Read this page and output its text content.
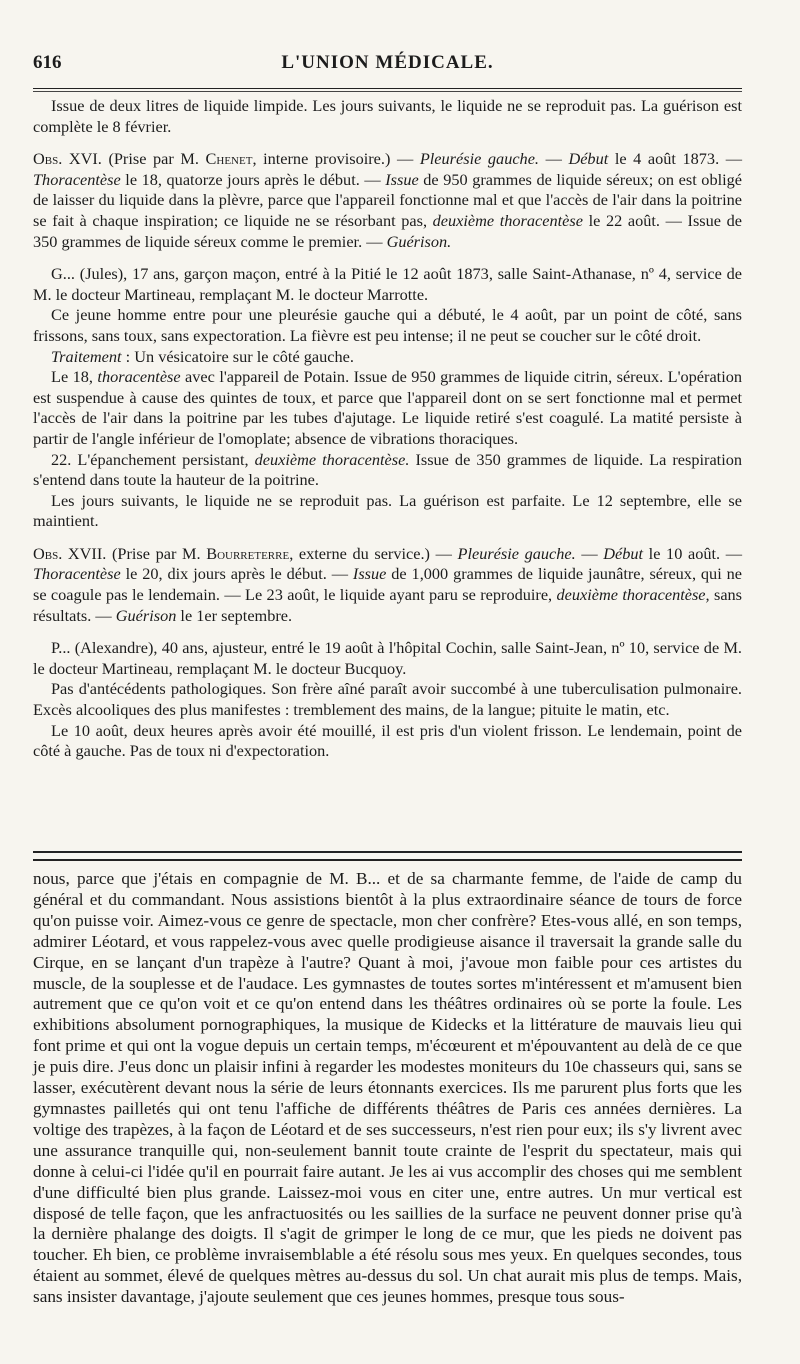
616	L'UNION MÉDICALE.

Issue de deux litres de liquide limpide. Les jours suivants, le liquide ne se reproduit pas. La guérison est complète le 8 février.

Obs. XVI. (Prise par M. Chenet, interne provisoire.) — Pleurésie gauche. — Début le 4 août 1873. — Thoracentèse le 18, quatorze jours après le début. — Issue de 950 grammes de liquide séreux; on est obligé de laisser du liquide dans la plèvre, parce que l'appareil fonctionne mal et que l'accès de l'air dans la poitrine se fait à chaque inspiration; ce liquide ne se résorbant pas, deuxième thoracentèse le 22 août. — Issue de 350 grammes de liquide séreux comme le premier. — Guérison.

G... (Jules), 17 ans, garçon maçon, entré à la Pitié le 12 août 1873, salle Saint-Athanase, nº 4, service de M. le docteur Martineau, remplaçant M. le docteur Marrotte.

Ce jeune homme entre pour une pleurésie gauche qui a débuté, le 4 août, par un point de côté, sans frissons, sans toux, sans expectoration. La fièvre est peu intense; il ne peut se coucher sur le côté droit.

Traitement : Un vésicatoire sur le côté gauche.

Le 18, thoracentèse avec l'appareil de Potain. Issue de 950 grammes de liquide citrin, séreux. L'opération est suspendue à cause des quintes de toux, et parce que l'appareil dont on se sert fonctionne mal et permet l'accès de l'air dans la poitrine par les tubes d'ajutage. Le liquide retiré s'est coagulé. La matité persiste à partir de l'angle inférieur de l'omoplate; absence de vibrations thoraciques.

22. L'épanchement persistant, deuxième thoracentèse. Issue de 350 grammes de liquide. La respiration s'entend dans toute la hauteur de la poitrine.

Les jours suivants, le liquide ne se reproduit pas. La guérison est parfaite. Le 12 septembre, elle se maintient.

Obs. XVII. (Prise par M. Bourreterre, externe du service.) — Pleurésie gauche. — Début le 10 août. — Thoracentèse le 20, dix jours après le début. — Issue de 1,000 grammes de liquide jaunâtre, séreux, qui ne se coagule pas le lendemain. — Le 23 août, le liquide ayant paru se reproduire, deuxième thoracentèse, sans résultats. — Guérison le 1er septembre.

P... (Alexandre), 40 ans, ajusteur, entré le 19 août à l'hôpital Cochin, salle Saint-Jean, nº 10, service de M. le docteur Martineau, remplaçant M. le docteur Bucquoy.

Pas d'antécédents pathologiques. Son frère aîné paraît avoir succombé à une tuberculisation pulmonaire. Excès alcooliques des plus manifestes : tremblement des mains, de la langue; pituite le matin, etc.

Le 10 août, deux heures après avoir été mouillé, il est pris d'un violent frisson. Le lendemain, point de côté à gauche. Pas de toux ni d'expectoration.

nous, parce que j'étais en compagnie de M. B... et de sa charmante femme, de l'aide de camp du général et du commandant. Nous assistions bientôt à la plus extraordinaire séance de tours de force qu'on puisse voir. Aimez-vous ce genre de spectacle, mon cher confrère? Etes-vous allé, en son temps, admirer Léotard, et vous rappelez-vous avec quelle prodigieuse aisance il traversait la grande salle du Cirque, en se lançant d'un trapèze à l'autre? Quant à moi, j'avoue mon faible pour ces artistes du muscle, de la souplesse et de l'audace. Les gymnastes de toutes sortes m'intéressent et m'amusent bien autrement que ce qu'on voit et ce qu'on entend dans les théâtres ordinaires où se porte la foule. Les exhibitions absolument pornographiques, la musique de Kidecks et la littérature de mauvais lieu qui font prime et qui ont la vogue depuis un certain temps, m'écœurent et m'épouvantent au delà de ce que je puis dire. J'eus donc un plaisir infini à regarder les modestes moniteurs du 10e chasseurs qui, sans se lasser, exécutèrent devant nous la série de leurs étonnants exercices. Ils me parurent plus forts que les gymnastes pailletés qui ont tenu l'affiche de différents théâtres de Paris ces années dernières. La voltige des trapèzes, à la façon de Léotard et de ses successeurs, n'est rien pour eux; ils s'y livrent avec une assurance tranquille qui, non-seulement bannit toute crainte de l'esprit du spectateur, mais qui donne à celui-ci l'idée qu'il en pourrait faire autant. Je les ai vus accomplir des choses qui me semblent d'une difficulté bien plus grande. Laissez-moi vous en citer une, entre autres. Un mur vertical est disposé de telle façon, que les anfractuosités ou les saillies de la surface ne peuvent donner prise qu'à la dernière phalange des doigts. Il s'agit de grimper le long de ce mur, que les pieds ne doivent pas toucher. Eh bien, ce problème invraisemblable a été résolu sous mes yeux. En quelques secondes, tous étaient au sommet, élevé de quelques mètres au-dessus du sol. Un chat aurait mis plus de temps. Mais, sans insister davantage, j'ajoute seulement que ces jeunes hommes, presque tous sous-
